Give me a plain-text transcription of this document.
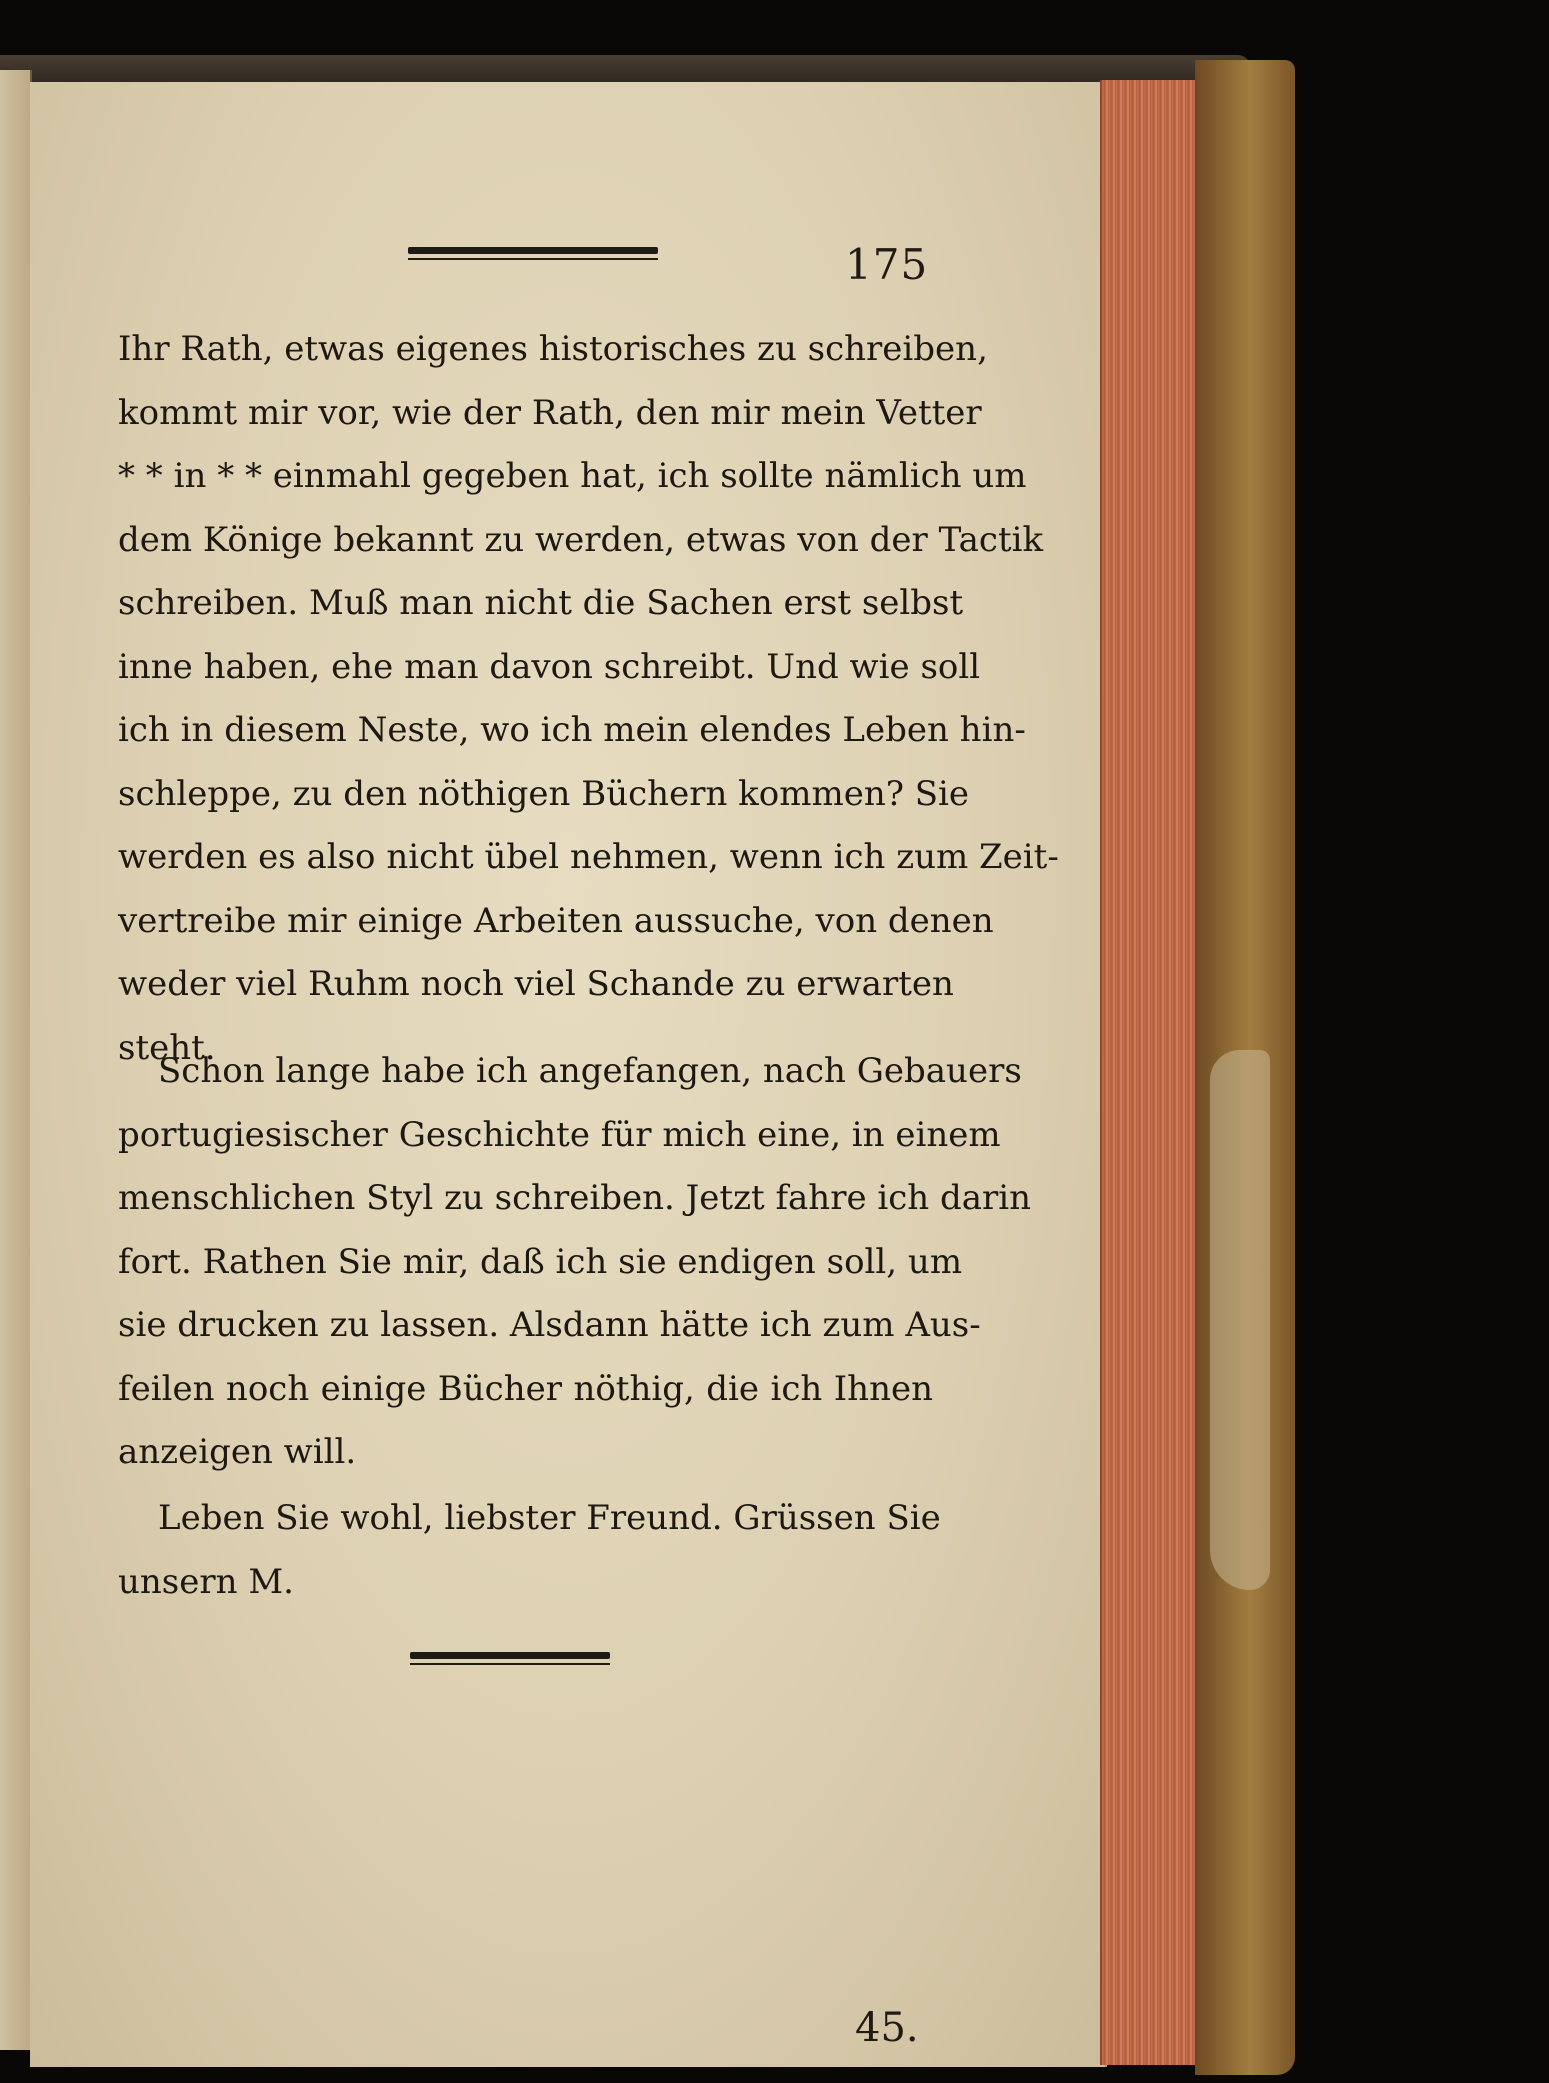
175
Ihr Rath, etwas eigenes historisches zu schreiben,
kommt mir vor, wie der Rath, den mir mein Vetter
* * in * * einmahl gegeben hat, ich sollte nämlich um
dem Könige bekannt zu werden, etwas von der Tactik
schreiben. Muß man nicht die Sachen erst selbst
inne haben, ehe man davon schreibt. Und wie soll
ich in diesem Neste, wo ich mein elendes Leben hin-
schleppe, zu den nöthigen Büchern kommen? Sie
werden es also nicht übel nehmen, wenn ich zum Zeit-
vertreibe mir einige Arbeiten aussuche, von denen
weder viel Ruhm noch viel Schande zu erwarten
steht.
Schon lange habe ich angefangen, nach Gebauers
portugiesischer Geschichte für mich eine, in einem
menschlichen Styl zu schreiben. Jetzt fahre ich darin
fort. Rathen Sie mir, daß ich sie endigen soll, um
sie drucken zu lassen. Alsdann hätte ich zum Aus-
feilen noch einige Bücher nöthig, die ich Ihnen
anzeigen will.
Leben Sie wohl, liebster Freund. Grüssen Sie
unsern M.
45.
